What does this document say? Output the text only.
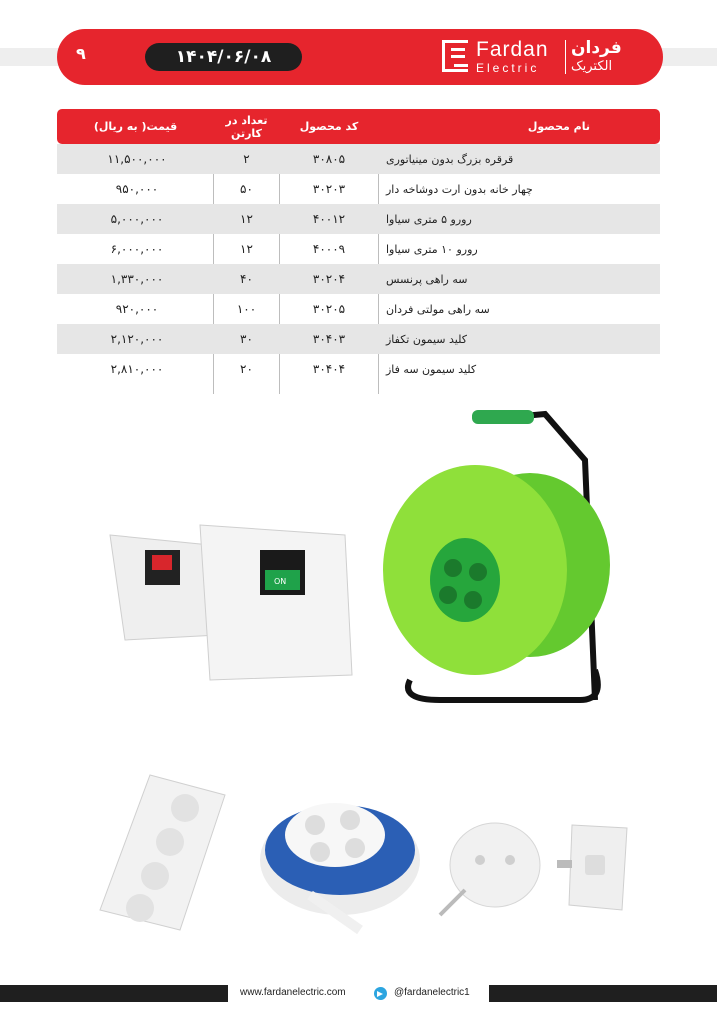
۹	۱۴۰۴/۰۶/۰۸	Fardan
Electric
فردان
الکتریک
قیمت( به ریال)	تعداد در کارتن	کد محصول	نام محصول
۱۱,۵۰۰,۰۰۰	۲	۳۰۸۰۵	قرقره بزرگ بدون مینیاتوری
۹۵۰,۰۰۰	۵۰	۳۰۲۰۳	چهار خانه بدون ارت دوشاخه دار
۵,۰۰۰,۰۰۰	۱۲	۴۰۰۱۲	رورو ۵ متری سیاوا
۶,۰۰۰,۰۰۰	۱۲	۴۰۰۰۹	رورو ۱۰ متری سیاوا
۱,۳۳۰,۰۰۰	۴۰	۳۰۲۰۴	سه راهی پرنسس
۹۲۰,۰۰۰	۱۰۰	۳۰۲۰۵	سه راهی مولتی فردان
۲,۱۲۰,۰۰۰	۳۰	۳۰۴۰۳	کلید سیمون تکفاز
۲,۸۱۰,۰۰۰	۲۰	۳۰۴۰۴	کلید سیمون سه فاز
ON
www.fardanelectric.com	@fardanelectric1
